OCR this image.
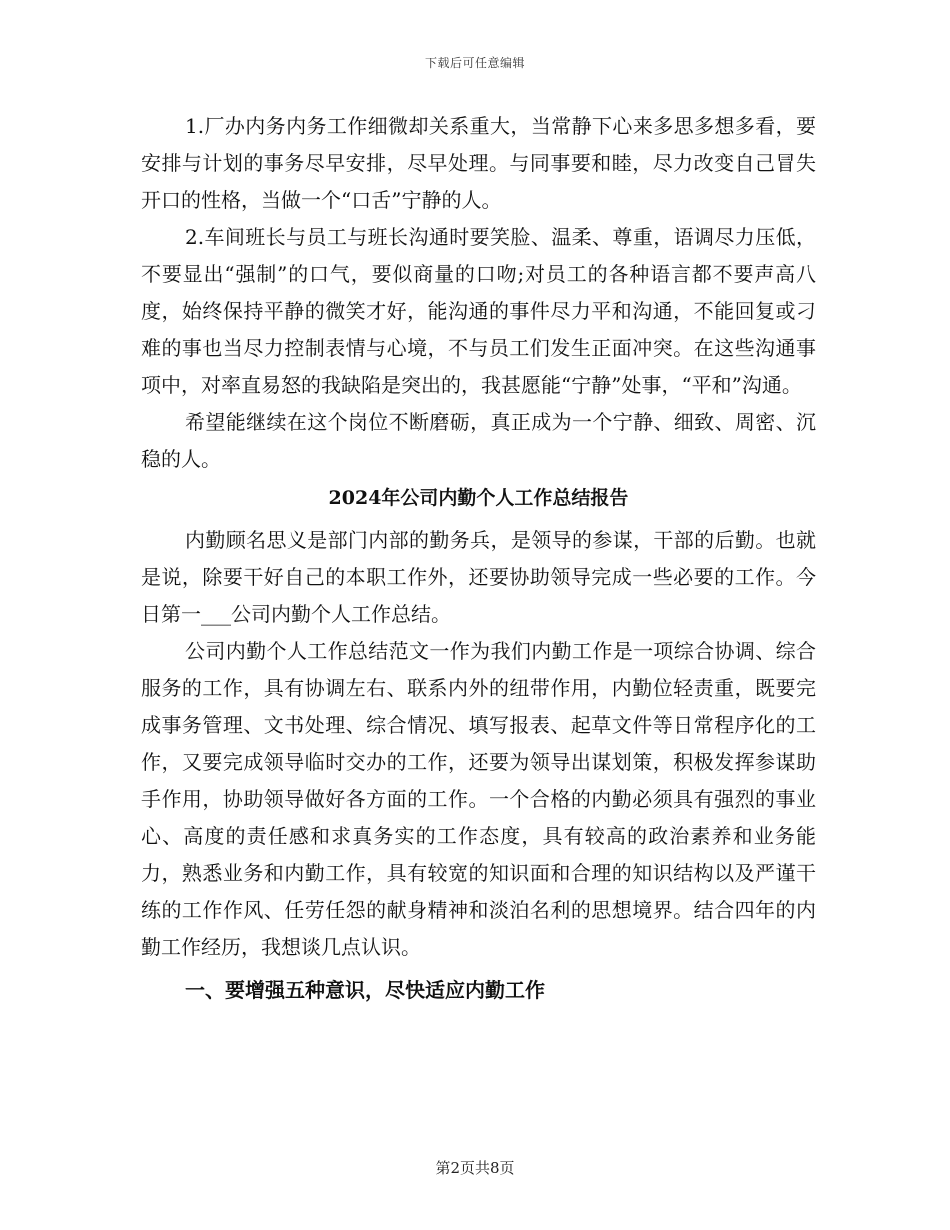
下载后可任意编辑

1.厂办内务内务工作细微却关系重大，当常静下心来多思多想多看，要安排与计划的事务尽早安排，尽早处理。与同事要和睦，尽力改变自己冒失开口的性格，当做一个“口舌”宁静的人。

2.车间班长与员工与班长沟通时要笑脸、温柔、尊重，语调尽力压低，不要显出“强制”的口气，要似商量的口吻;对员工的各种语言都不要声高八度，始终保持平静的微笑才好，能沟通的事件尽力平和沟通，不能回复或刁难的事也当尽力控制表情与心境，不与员工们发生正面冲突。在这些沟通事项中，对率直易怒的我缺陷是突出的，我甚愿能“宁静”处事，“平和”沟通。

希望能继续在这个岗位不断磨砺，真正成为一个宁静、细致、周密、沉稳的人。

2024年公司内勤个人工作总结报告

内勤顾名思义是部门内部的勤务兵，是领导的参谋，干部的后勤。也就是说，除要干好自己的本职工作外，还要协助领导完成一些必要的工作。今日第一___公司内勤个人工作总结。

公司内勤个人工作总结范文一作为我们内勤工作是一项综合协调、综合服务的工作，具有协调左右、联系内外的纽带作用，内勤位轻责重，既要完成事务管理、文书处理、综合情况、填写报表、起草文件等日常程序化的工作，又要完成领导临时交办的工作，还要为领导出谋划策，积极发挥参谋助手作用，协助领导做好各方面的工作。一个合格的内勤必须具有强烈的事业心、高度的责任感和求真务实的工作态度，具有较高的政治素养和业务能力，熟悉业务和内勤工作，具有较宽的知识面和合理的知识结构以及严谨干练的工作作风、任劳任怨的献身精神和淡泊名利的思想境界。结合四年的内勤工作经历，我想谈几点认识。

一、要增强五种意识，尽快适应内勤工作

第2页共8页
